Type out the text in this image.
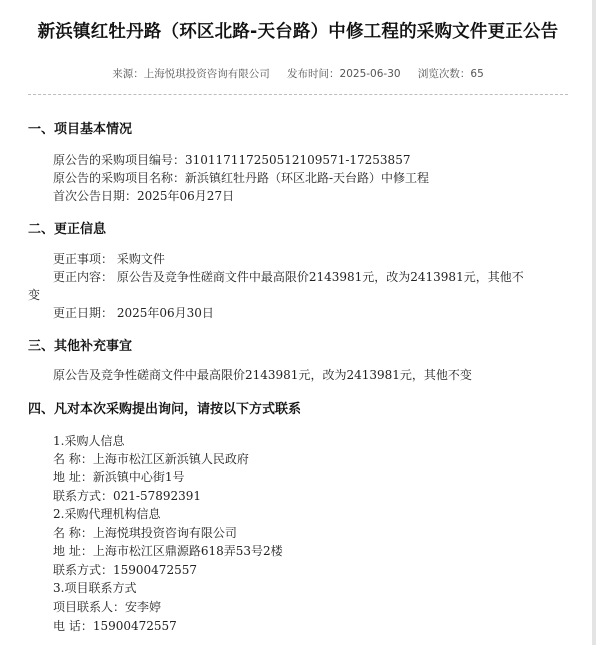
新浜镇红牡丹路（环区北路-天台路）中修工程的采购文件更正公告
来源：上海悦琪投资咨询有限公司 发布时间：2025-06-30 浏览次数：65
一、项目基本情况
原公告的采购项目编号：310117117250512109571-17253857
原公告的采购项目名称：新浜镇红牡丹路（环区北路-天台路）中修工程
首次公告日期：2025年06月27日
二、更正信息
更正事项： 采购文件
更正内容： 原公告及竞争性磋商文件中最高限价2143981元，改为2413981元，其他不
变
更正日期： 2025年06月30日
三、其他补充事宜
原公告及竞争性磋商文件中最高限价2143981元，改为2413981元，其他不变
四、凡对本次采购提出询问，请按以下方式联系
1.采购人信息
名 称：上海市松江区新浜镇人民政府
地 址：新浜镇中心街1号
联系方式：021-57892391
2.采购代理机构信息
名 称：上海悦琪投资咨询有限公司
地 址：上海市松江区鼎源路618弄53号2楼
联系方式：15900472557
3.项目联系方式
项目联系人：安李婷
电 话：15900472557
